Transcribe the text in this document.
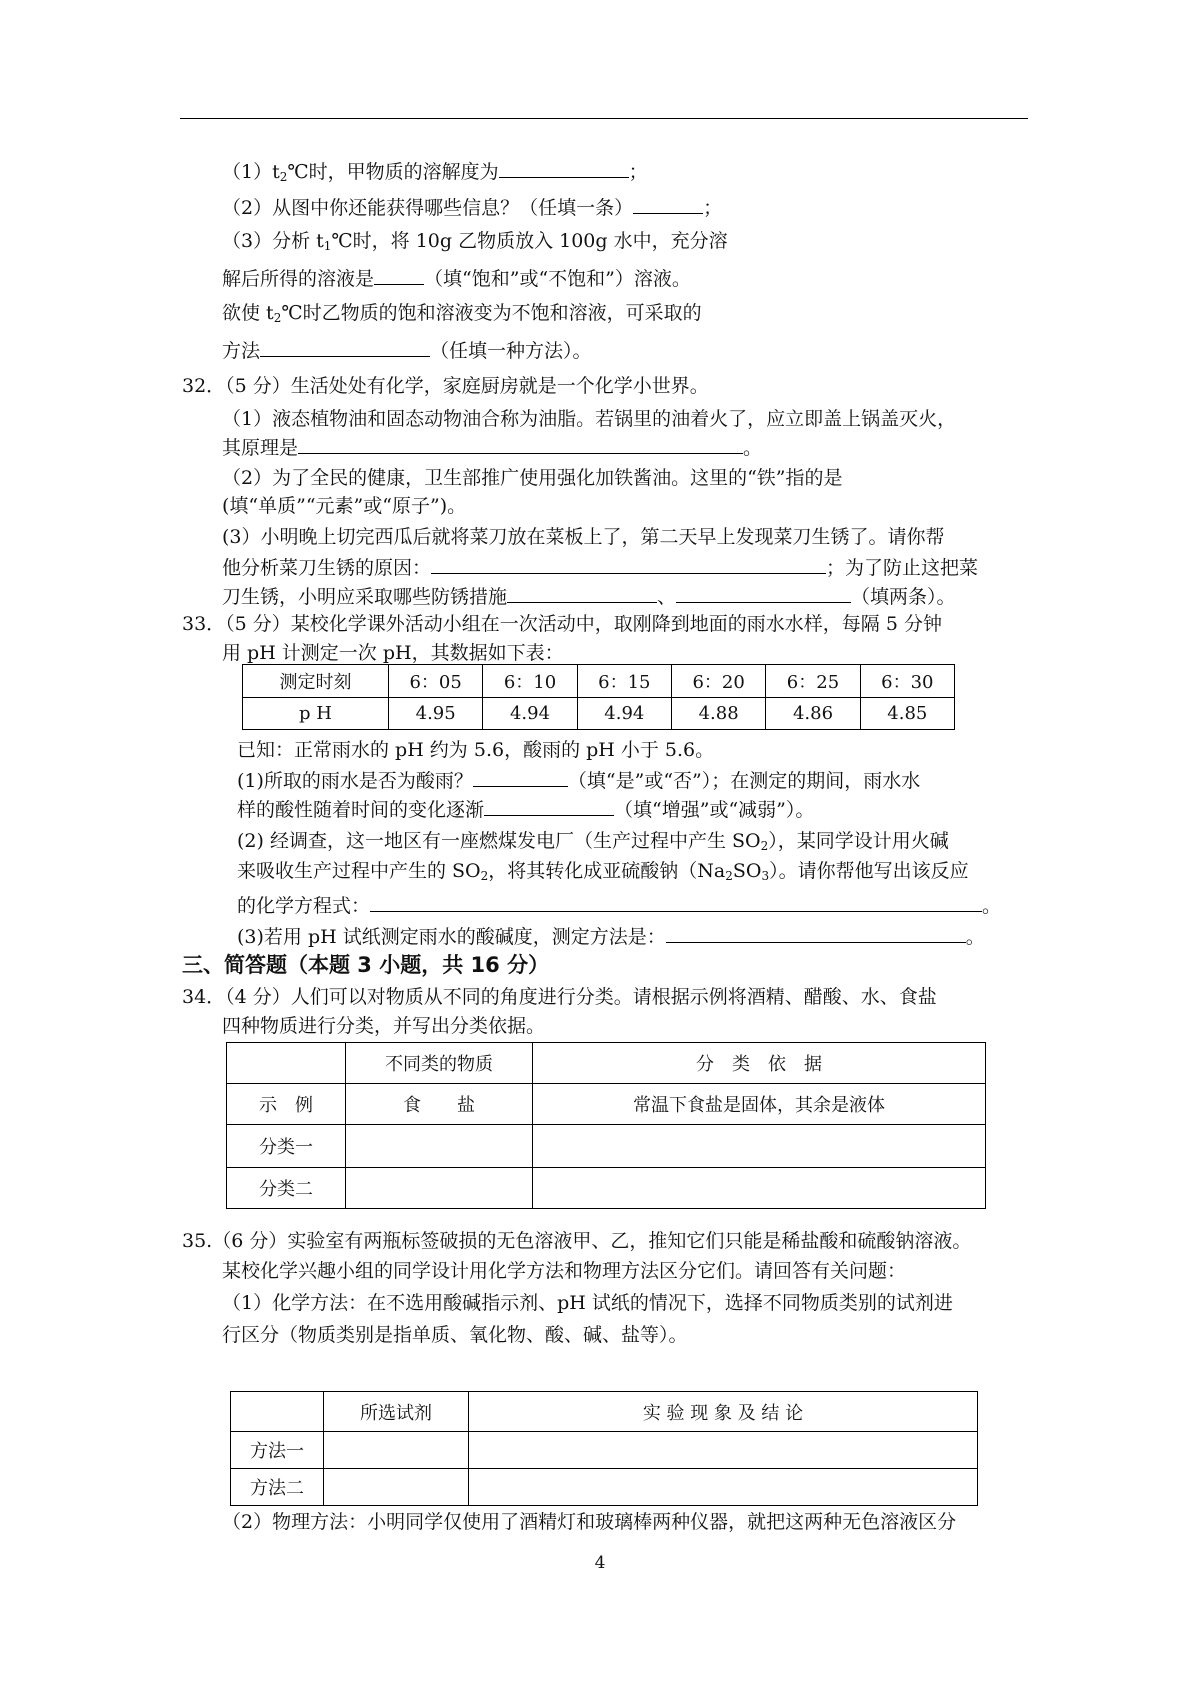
$(1)t_2℃$时，甲物质的溶解度为	；
（2）从图中你还能获得哪些信息？（任填一条）	；
（3）分析 $t_1℃$时，将 10g 乙物质放入 100g 水中，充分溶
解后所得的溶液是	（填“饱和”或“不饱和”）溶液。
欲使 $t_2℃$时乙物质的饱和溶液变为不饱和溶液，可采取的
方法	（任填一种方法）。
32．（5 分）生活处处有化学，家庭厨房就是一个化学小世界。
（1）液态植物油和固态动物油合称为油脂。若锅里的油着火了，应立即盖上锅盖灭火，
其原理是	。
（2）为了全民的健康，卫生部推广使用强化加铁酱油。这里的“铁”指的是
(填“单质”“元素”或“原子”)。
(3）小明晚上切完西瓜后就将菜刀放在菜板上了，第二天早上发现菜刀生锈了。请你帮
他分析菜刀生锈的原因：	；为了防止这把菜
刀生锈，小明应采取哪些防锈措施	、	（填两条）。
33．（5 分）某校化学课外活动小组在一次活动中，取刚降到地面的雨水水样，每隔 5 分钟
用 pH 计测定一次 pH，其数据如下表：
测定时刻	6：05	6：10	6：15	6：20	6：25	6：30
p H	4.95	4.94	4.94	4.88	4.86	4.85
已知：正常雨水的 pH 约为 5.6，酸雨的 pH 小于 5.6。
(1)所取的雨水是否为酸雨？	（填“是”或“否”）；在测定的期间，雨水水
样的酸性随着时间的变化逐渐	（填“增强”或“减弱”）。
(2) 经调查，这一地区有一座燃煤发电厂（生产过程中产生 $SO_2$），某同学设计用火碱
来吸收生产过程中产生的 $SO_2$，将其转化成亚硫酸钠$(Na_2SO_3)$。请你帮他写出该反应
的化学方程式：	。
(3)若用 pH 试纸测定雨水的酸碱度，测定方法是：	。
三、简答题（本题 3 小题，共 16 分）
34．（4 分）人们可以对物质从不同的角度进行分类。请根据示例将酒精、醋酸、水、食盐
四种物质进行分类，并写出分类依据。
	不同类的物质	分　类　依　据
示　例	食　　盐	常温下食盐是固体，其余是液体
分类一		
分类二		
35.（6 分）实验室有两瓶标签破损的无色溶液甲、乙，推知它们只能是稀盐酸和硫酸钠溶液。
某校化学兴趣小组的同学设计用化学方法和物理方法区分它们。请回答有关问题：
（1）化学方法：在不选用酸碱指示剂、pH 试纸的情况下，选择不同物质类别的试剂进
行区分（物质类别是指单质、氧化物、酸、碱、盐等）。
	所选试剂	实 验 现 象 及 结 论
方法一		
方法二		
（2）物理方法：小明同学仅使用了酒精灯和玻璃棒两种仪器，就把这两种无色溶液区分
4
